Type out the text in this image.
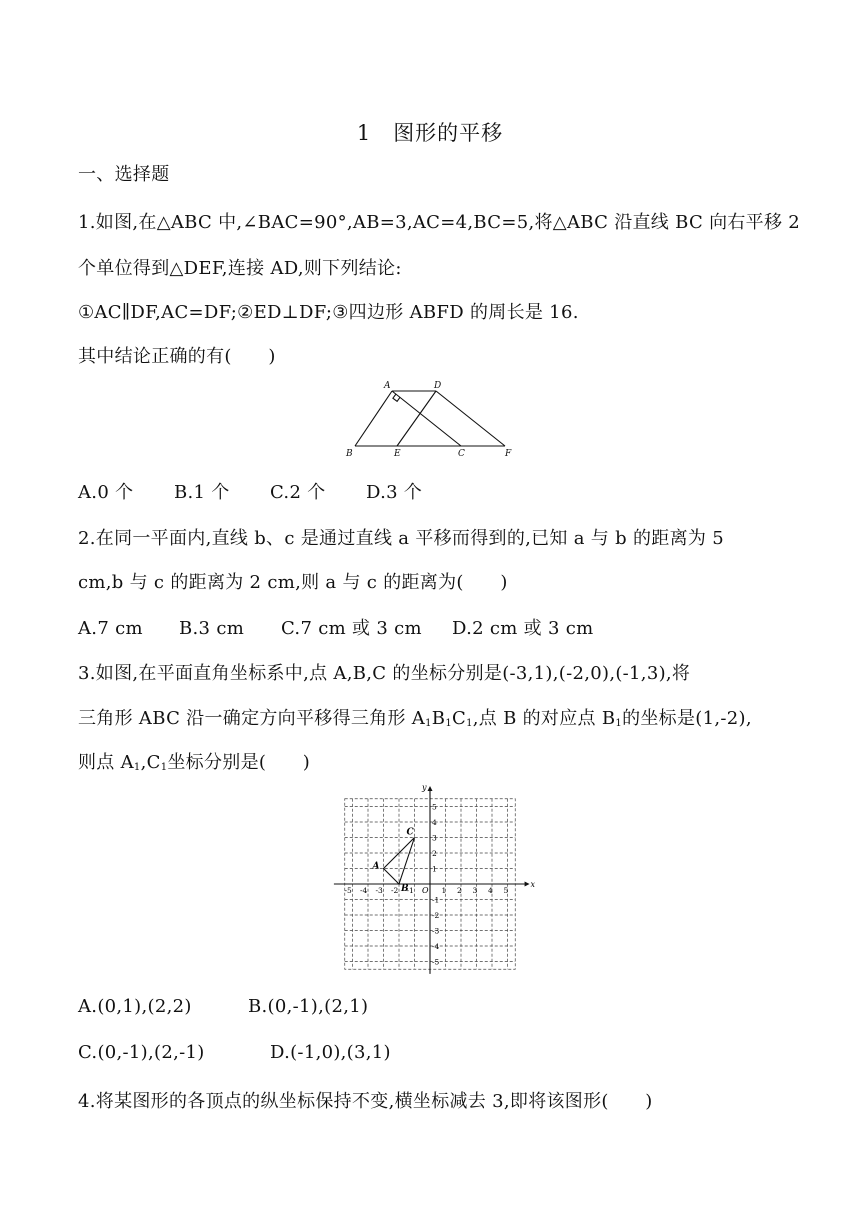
1 图形的平移
一、选择题
1.如图,在△ABC 中,∠BAC=90°,AB=3,AC=4,BC=5,将△ABC 沿直线 BC 向右平移 2
个单位得到△DEF,连接 AD,则下列结论:
①AC∥DF,AC=DF;②ED⊥DF;③四边形 ABFD 的周长是 16.
其中结论正确的有(　　)
A	D
B	E	C	F
A.0 个 B.1 个 C.2 个 D.3 个
2.在同一平面内,直线 b、c 是通过直线 a 平移而得到的,已知 a 与 b 的距离为 5
cm,b 与 c 的距离为 2 cm,则 a 与 c 的距离为(　　)
A.7 cm B.3 cm C.7 cm 或 3 cm D.2 cm 或 3 cm
3.如图,在平面直角坐标系中,点 A,B,C 的坐标分别是(-3,1),(-2,0),(-1,3),将
三角形 ABC 沿一确定方向平移得三角形 $A_1B_1C_1$,点 B 的对应点 $B_1$的坐标是(1,-2),
则点 $A_1,C_1$坐标分别是(　　)
x
y
O
-5 -4 -3 -2 -1	1 2 3 4 5
5
4
3
2
1
-1
-2
-3
-4
-5
A
B
C
A.(0,1),(2,2)	B.(0,-1),(2,1)
C.(0,-1),(2,-1)	D.(-1,0),(3,1)
4.将某图形的各顶点的纵坐标保持不变,横坐标减去 3,即将该图形(　　)
